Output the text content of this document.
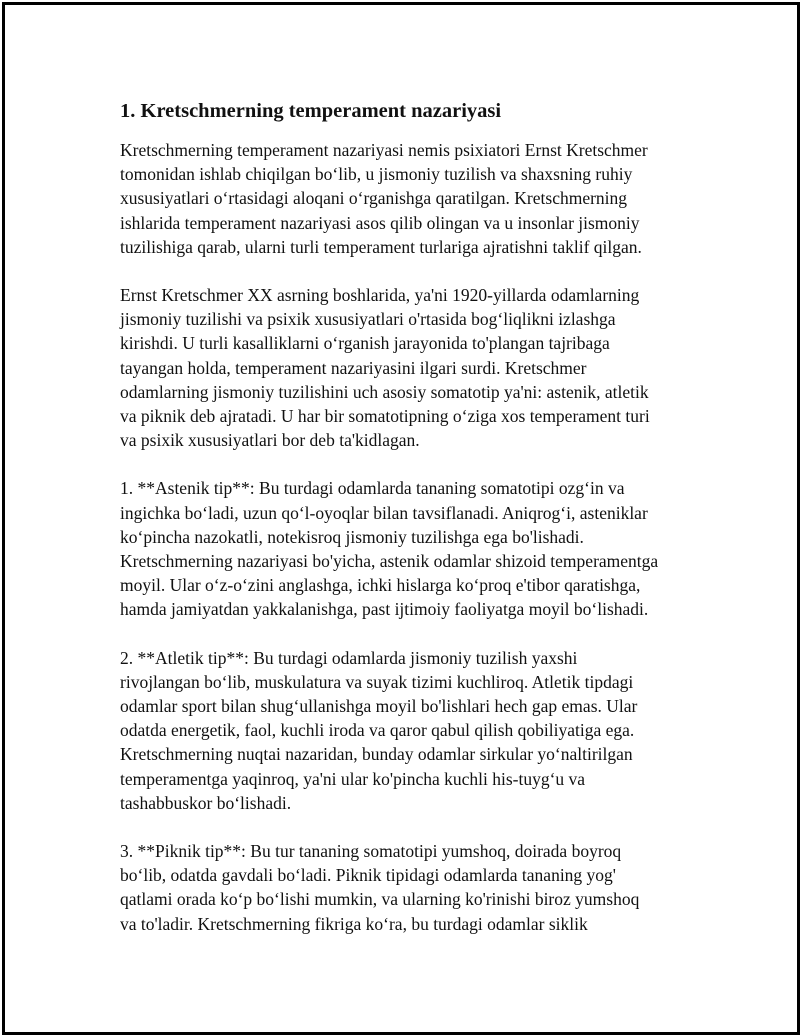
1. Kretschmerning temperament nazariyasi

Kretschmerning temperament nazariyasi nemis psixiatori Ernst Kretschmer
tomonidan ishlab chiqilgan bo‘lib, u jismoniy tuzilish va shaxsning ruhiy
xususiyatlari o‘rtasidagi aloqani o‘rganishga qaratilgan. Kretschmerning
ishlarida temperament nazariyasi asos qilib olingan va u insonlar jismoniy
tuzilishiga qarab, ularni turli temperament turlariga ajratishni taklif qilgan.

Ernst Kretschmer XX asrning boshlarida, ya'ni 1920-yillarda odamlarning
jismoniy tuzilishi va psixik xususiyatlari o'rtasida bog‘liqlikni izlashga
kirishdi. U turli kasalliklarni o‘rganish jarayonida to'plangan tajribaga
tayangan holda, temperament nazariyasini ilgari surdi. Kretschmer
odamlarning jismoniy tuzilishini uch asosiy somatotip ya'ni: astenik, atletik
va piknik deb ajratadi. U har bir somatotipning o‘ziga xos temperament turi
va psixik xususiyatlari bor deb ta'kidlagan.

1. **Astenik tip**: Bu turdagi odamlarda tananing somatotipi ozg‘in va
ingichka bo‘ladi, uzun qo‘l-oyoqlar bilan tavsiflanadi. Aniqrog‘i, asteniklar
ko‘pincha nazokatli, notekisroq jismoniy tuzilishga ega bo'lishadi.
Kretschmerning nazariyasi bo'yicha, astenik odamlar shizoid temperamentga
moyil. Ular o‘z-o‘zini anglashga, ichki hislarga ko‘proq e'tibor qaratishga,
hamda jamiyatdan yakkalanishga, past ijtimoiy faoliyatga moyil bo‘lishadi.

2. **Atletik tip**: Bu turdagi odamlarda jismoniy tuzilish yaxshi
rivojlangan bo‘lib, muskulatura va suyak tizimi kuchliroq. Atletik tipdagi
odamlar sport bilan shug‘ullanishga moyil bo'lishlari hech gap emas. Ular
odatda energetik, faol, kuchli iroda va qaror qabul qilish qobiliyatiga ega.
Kretschmerning nuqtai nazaridan, bunday odamlar sirkular yo‘naltirilgan
temperamentga yaqinroq, ya'ni ular ko'pincha kuchli his-tuyg‘u va
tashabbuskor bo‘lishadi.

3. **Piknik tip**: Bu tur tananing somatotipi yumshoq, doirada boyroq
bo‘lib, odatda gavdali bo‘ladi. Piknik tipidagi odamlarda tananing yog'
qatlami orada ko‘p bo‘lishi mumkin, va ularning ko'rinishi biroz yumshoq
va to'ladir. Kretschmerning fikriga ko‘ra, bu turdagi odamlar siklik
